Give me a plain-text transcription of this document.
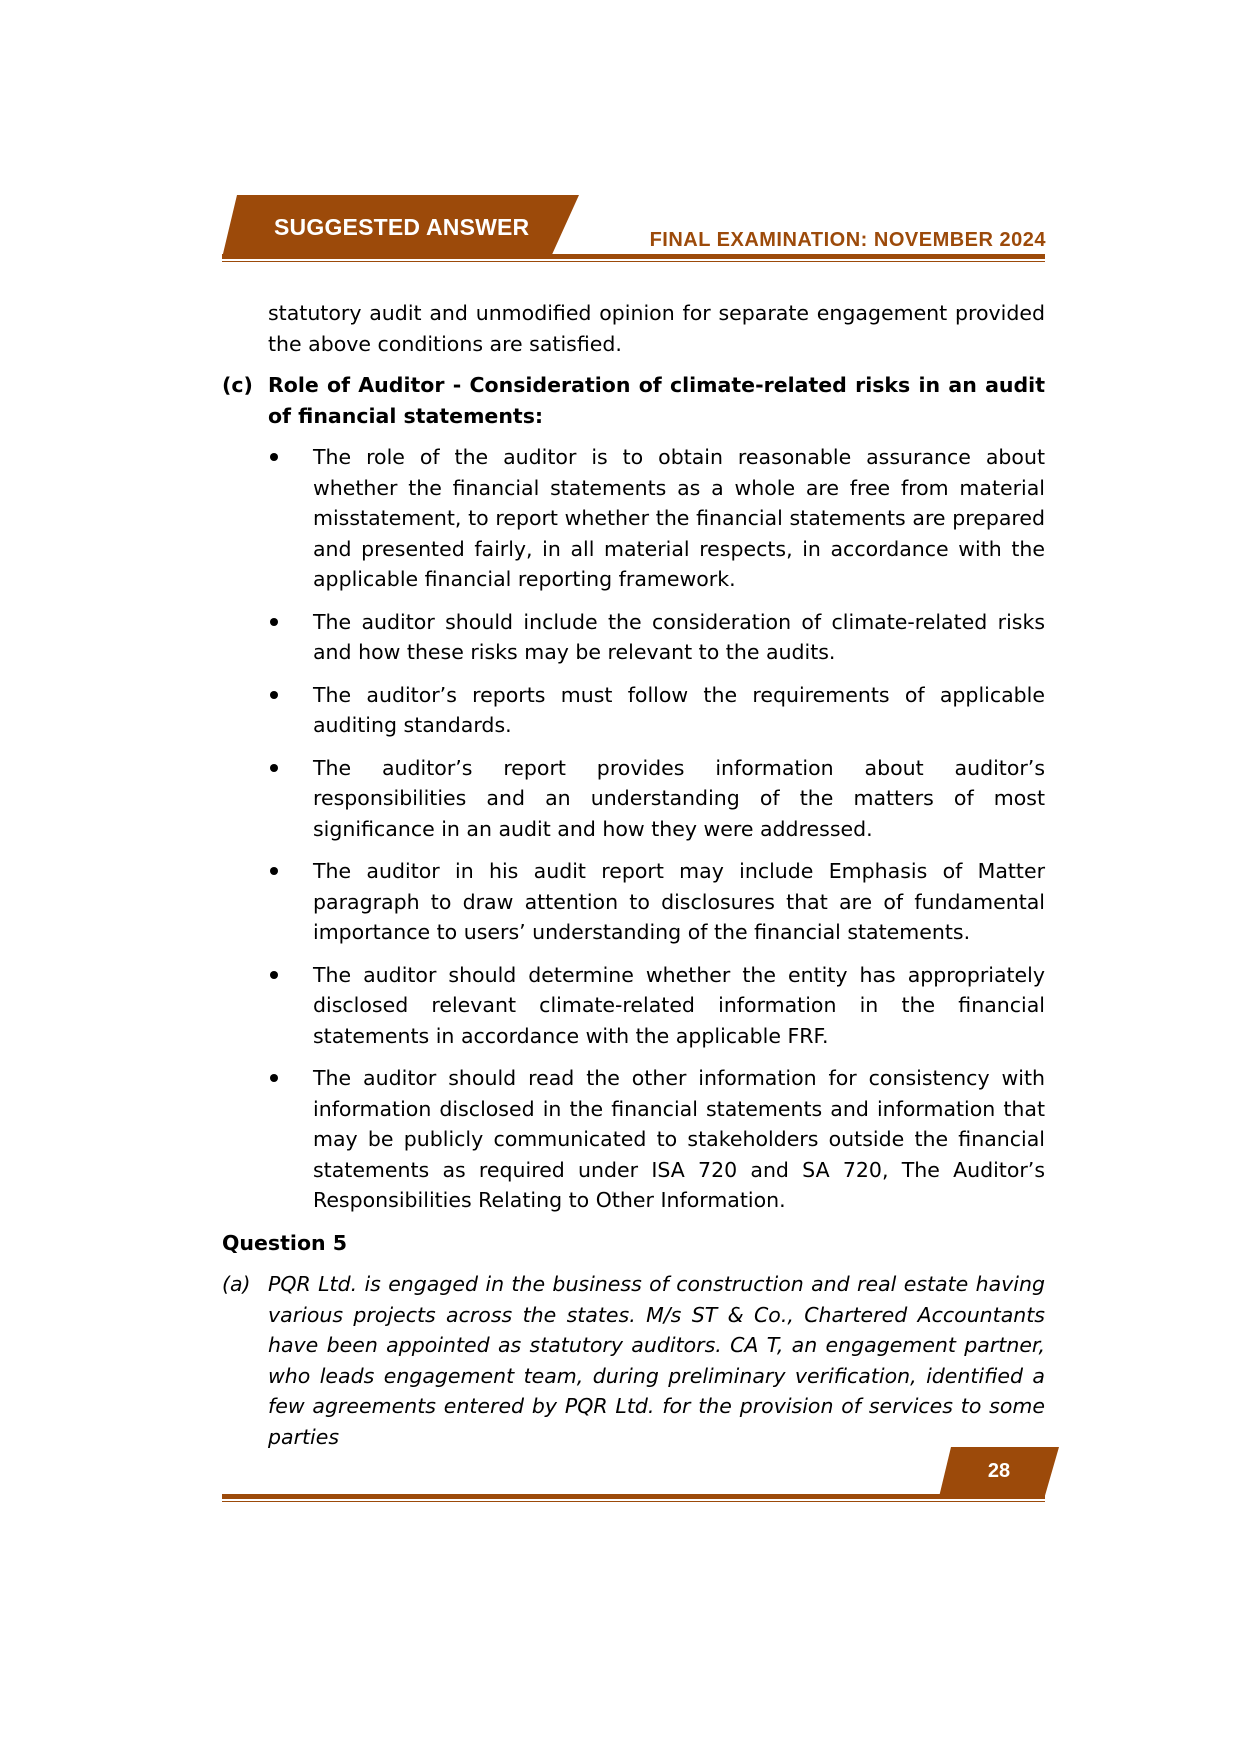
SUGGESTED ANSWER	FINAL EXAMINATION: NOVEMBER 2024

statutory audit and unmodified opinion for separate engagement provided the above conditions are satisfied.

(c) Role of Auditor - Consideration of climate-related risks in an audit of financial statements:

The role of the auditor is to obtain reasonable assurance about whether the financial statements as a whole are free from material misstatement, to report whether the financial statements are prepared and presented fairly, in all material respects, in accordance with the applicable financial reporting framework.
The auditor should include the consideration of climate-related risks and how these risks may be relevant to the audits.
The auditor’s reports must follow the requirements of applicable auditing standards.
The auditor’s report provides information about auditor’s responsibilities and an understanding of the matters of most significance in an audit and how they were addressed.
The auditor in his audit report may include Emphasis of Matter paragraph to draw attention to disclosures that are of fundamental importance to users’ understanding of the financial statements.
The auditor should determine whether the entity has appropriately disclosed relevant climate-related information in the financial statements in accordance with the applicable FRF.
The auditor should read the other information for consistency with information disclosed in the financial statements and information that may be publicly communicated to stakeholders outside the financial statements as required under ISA 720 and SA 720, The Auditor’s Responsibilities Relating to Other Information.

Question 5

(a) PQR Ltd. is engaged in the business of construction and real estate having various projects across the states. M/s ST & Co., Chartered Accountants have been appointed as statutory auditors. CA T, an engagement partner, who leads engagement team, during preliminary verification, identified a few agreements entered by PQR Ltd. for the provision of services to some parties

28
